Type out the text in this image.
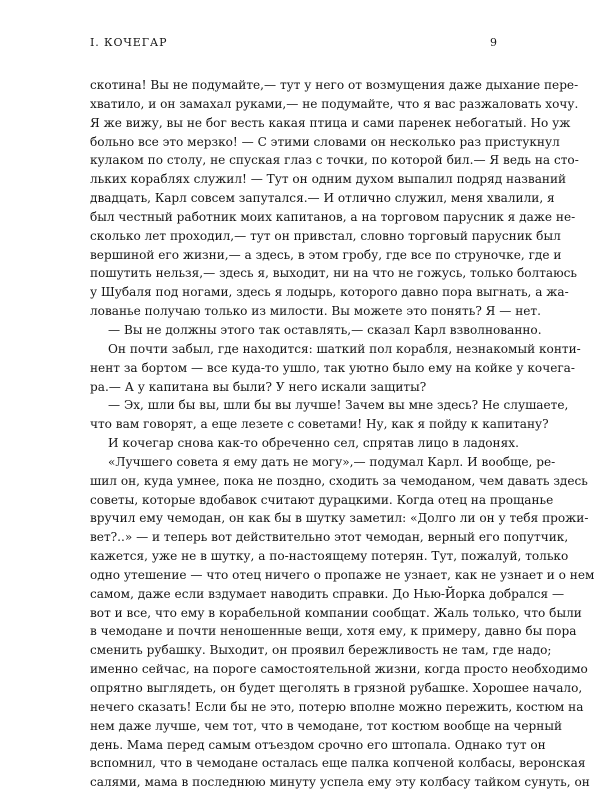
I. КОЧЕГАР	9
скотина! Вы не подумайте,— тут у него от возмущения даже дыхание пере-
хватило, и он замахал руками,— не подумайте, что я вас разжаловать хочу.
Я же вижу, вы не бог весть какая птица и сами паренек небогатый. Но уж
больно все это мерзко! — С этими словами он несколько раз пристукнул
кулаком по столу, не спуская глаз с точки, по которой бил.— Я ведь на сто-
льких кораблях служил! — Тут он одним духом выпалил подряд названий
двадцать, Карл совсем запутался.— И отлично служил, меня хвалили, я
был честный работник моих капитанов, а на торговом парусник я даже не-
сколько лет проходил,— тут он привстал, словно торговый парусник был
вершиной его жизни,— а здесь, в этом гробу, где все по струночке, где и
пошутить нельзя,— здесь я, выходит, ни на что не гожусь, только болтаюсь
у Шубаля под ногами, здесь я лодырь, которого давно пора выгнать, а жа-
лованье получаю только из милости. Вы можете это понять? Я — нет.
— Вы не должны этого так оставлять,— сказал Карл взволнованно.
Он почти забыл, где находится: шаткий пол корабля, незнакомый конти-
нент за бортом — все куда-то ушло, так уютно было ему на койке у кочега-
ра.— А у капитана вы были? У него искали защиты?
— Эх, шли бы вы, шли бы вы лучше! Зачем вы мне здесь? Не слушаете,
что вам говорят, а еще лезете с советами! Ну, как я пойду к капитану?
И кочегар снова как-то обреченно сел, спрятав лицо в ладонях.
«Лучшего совета я ему дать не могу»,— подумал Карл. И вообще, ре-
шил он, куда умнее, пока не поздно, сходить за чемоданом, чем давать здесь
советы, которые вдобавок считают дурацкими. Когда отец на прощанье
вручил ему чемодан, он как бы в шутку заметил: «Долго ли он у тебя прожи-
вет?..» — и теперь вот действительно этот чемодан, верный его попутчик,
кажется, уже не в шутку, а по-настоящему потерян. Тут, пожалуй, только
одно утешение — что отец ничего о пропаже не узнает, как не узнает и о нем
самом, даже если вздумает наводить справки. До Нью-Йорка добрался —
вот и все, что ему в корабельной компании сообщат. Жаль только, что были
в чемодане и почти неношенные вещи, хотя ему, к примеру, давно бы пора
сменить рубашку. Выходит, он проявил бережливость не там, где надо;
именно сейчас, на пороге самостоятельной жизни, когда просто необходимо
опрятно выглядеть, он будет щеголять в грязной рубашке. Хорошее начало,
нечего сказать! Если бы не это, потерю вполне можно пережить, костюм на
нем даже лучше, чем тот, что в чемодане, тот костюм вообще на черный
день. Мама перед самым отъездом срочно его штопала. Однако тут он
вспомнил, что в чемодане осталась еще палка копченой колбасы, веронская
салями, мама в последнюю минуту успела ему эту колбасу тайком сунуть, он
